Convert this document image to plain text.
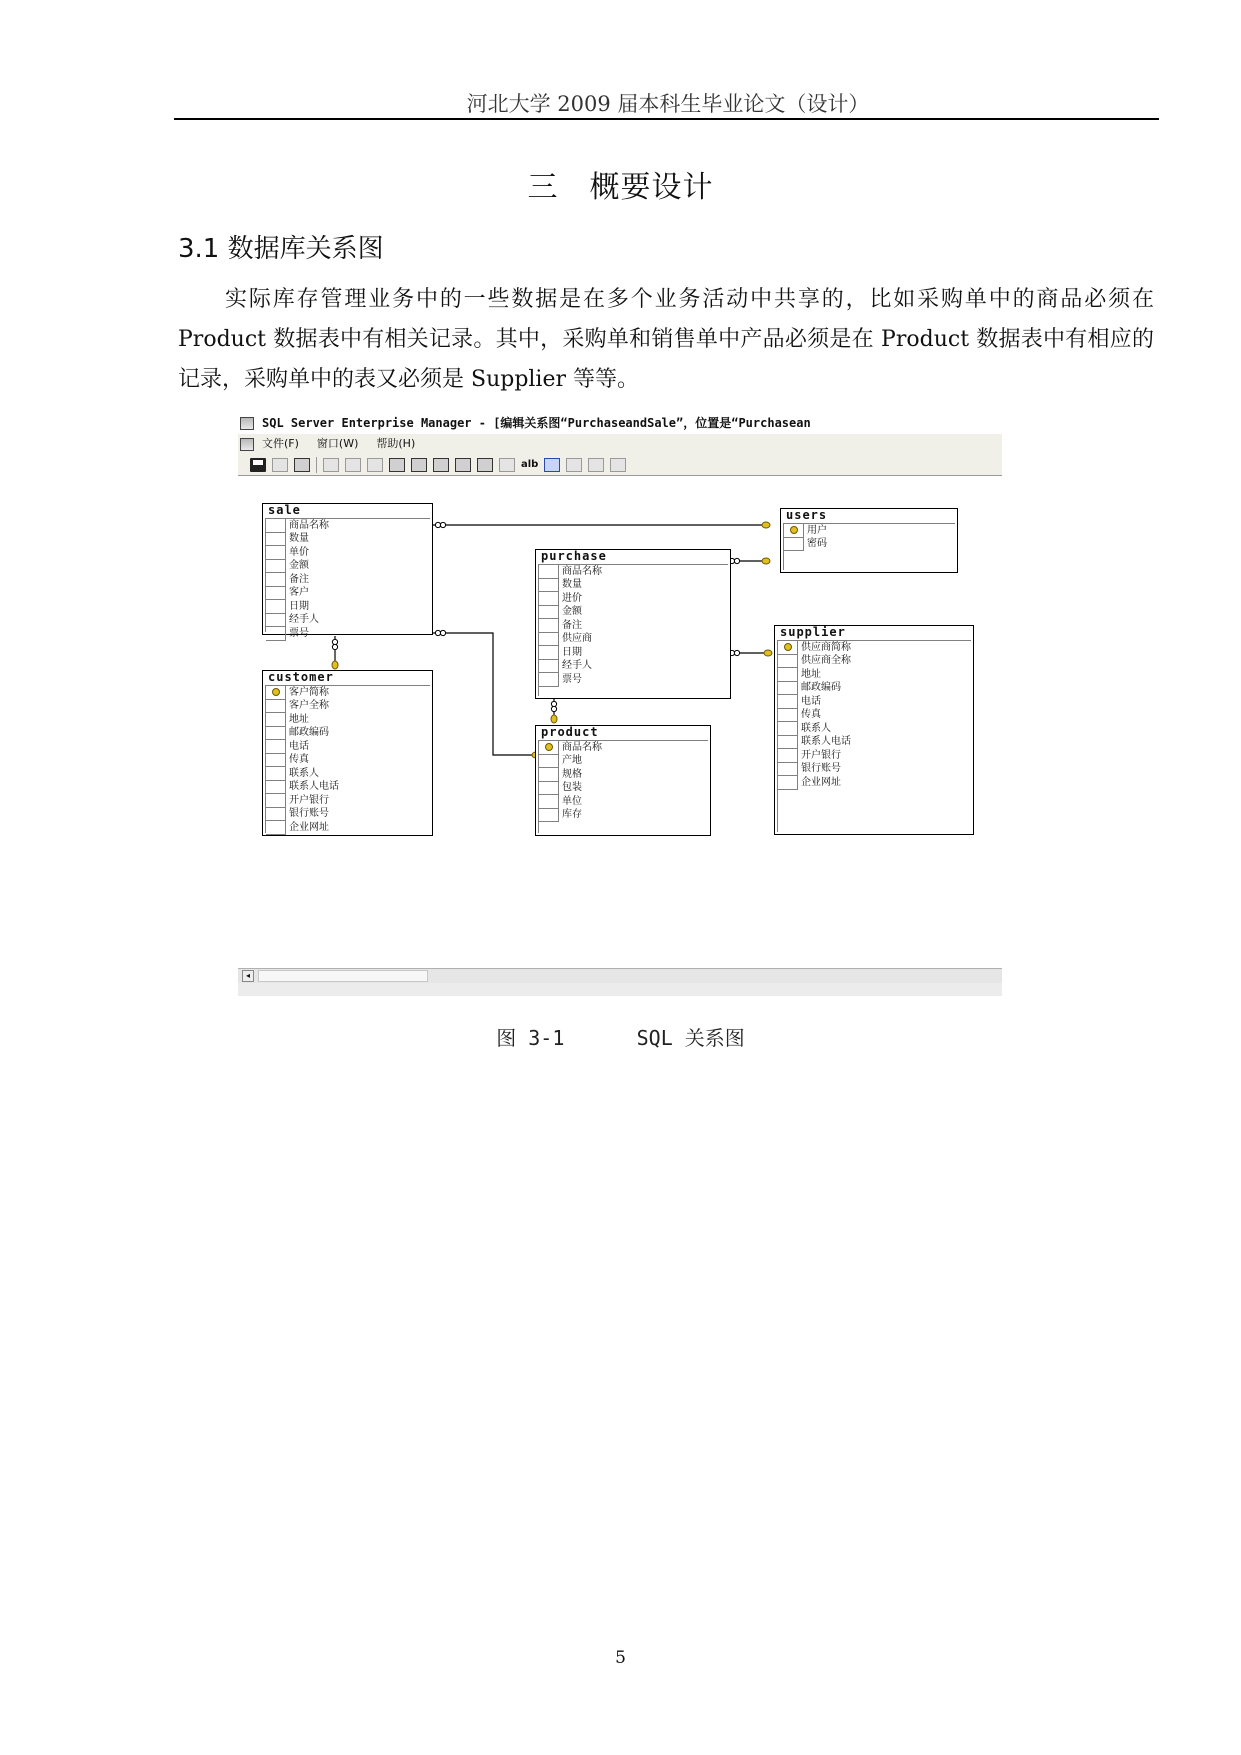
河北大学 2009 届本科生毕业论文（设计）
三　概要设计
3.1 数据库关系图
实际库存管理业务中的一些数据是在多个业务活动中共享的，比如采购单中的商品必须在 Product 数据表中有相关记录。其中，采购单和销售单中产品必须是在 Product 数据表中有相应的记录，采购单中的表又必须是 Supplier 等等。
SQL Server Enterprise Manager - [编辑关系图“PurchaseandSale”，位置是“Purchasean
文件(F) 窗口(W) 帮助(H)
alb
sale
商品名称
数量
单价
金额
备注
客户
日期
经手人
票号
customer
客户简称
客户全称
地址
邮政编码
电话
传真
联系人
联系人电话
开户银行
银行账号
企业网址
purchase
商品名称
数量
进价
金额
备注
供应商
日期
经手人
票号
product
商品名称
产地
规格
包装
单位
库存
users
用户
密码
supplier
供应商简称
供应商全称
地址
邮政编码
电话
传真
联系人
联系人电话
开户银行
银行账号
企业网址
◂
图 3-1      SQL 关系图
5
